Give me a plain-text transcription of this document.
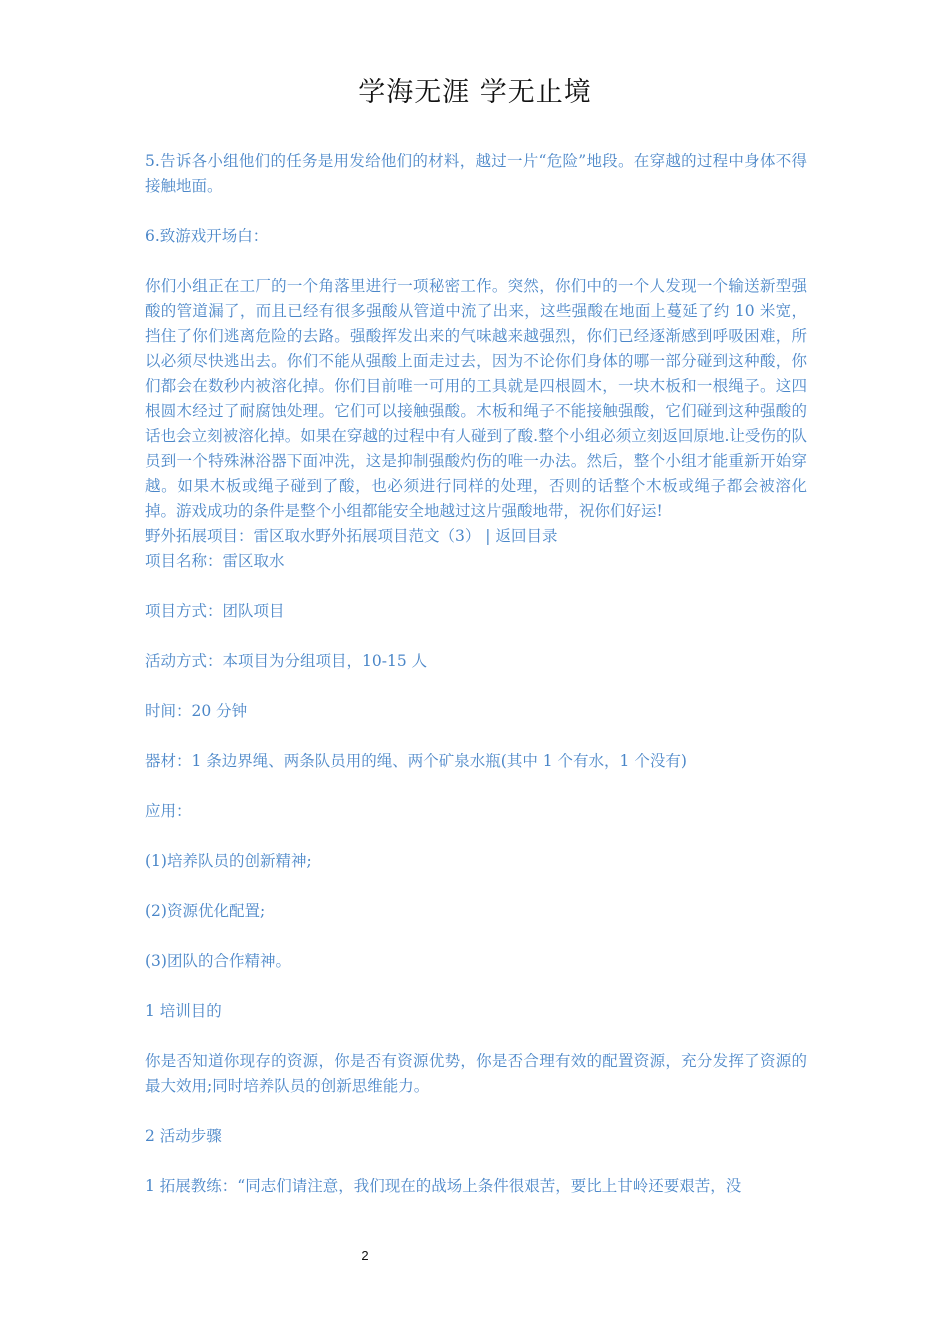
学海无涯 学无止境

5.告诉各小组他们的任务是用发给他们的材料，越过一片“危险”地段。在穿越的过程中身体不得接触地面。

6.致游戏开场白：

你们小组正在工厂的一个角落里进行一项秘密工作。突然，你们中的一个人发现一个输送新型强酸的管道漏了，而且已经有很多强酸从管道中流了出来，这些强酸在地面上蔓延了约 10 米宽，挡住了你们逃离危险的去路。强酸挥发出来的气味越来越强烈，你们已经逐渐感到呼吸困难，所以必须尽快逃出去。你们不能从强酸上面走过去，因为不论你们身体的哪一部分碰到这种酸，你们都会在数秒内被溶化掉。你们目前唯一可用的工具就是四根圆木，一块木板和一根绳子。这四根圆木经过了耐腐蚀处理。它们可以接触强酸。木板和绳子不能接触强酸，它们碰到这种强酸的话也会立刻被溶化掉。如果在穿越的过程中有人碰到了酸.整个小组必须立刻返回原地.让受伤的队员到一个特殊淋浴器下面冲洗，这是抑制强酸灼伤的唯一办法。然后，整个小组才能重新开始穿越。如果木板或绳子碰到了酸，也必须进行同样的处理，否则的话整个木板或绳子都会被溶化掉。游戏成功的条件是整个小组都能安全地越过这片强酸地带，祝你们好运!

野外拓展项目：雷区取水野外拓展项目范文（3） | 返回目录

项目名称：雷区取水

项目方式：团队项目

活动方式：本项目为分组项目，10-15 人

时间：20 分钟

器材：1 条边界绳、两条队员用的绳、两个矿泉水瓶(其中 1 个有水，1 个没有)

应用：

(1)培养队员的创新精神;

(2)资源优化配置;

(3)团队的合作精神。

1 培训目的

你是否知道你现存的资源，你是否有资源优势，你是否合理有效的配置资源，充分发挥了资源的最大效用;同时培养队员的创新思维能力。

2 活动步骤

1 拓展教练：“同志们请注意，我们现在的战场上条件很艰苦，要比上甘岭还要艰苦，没

2
